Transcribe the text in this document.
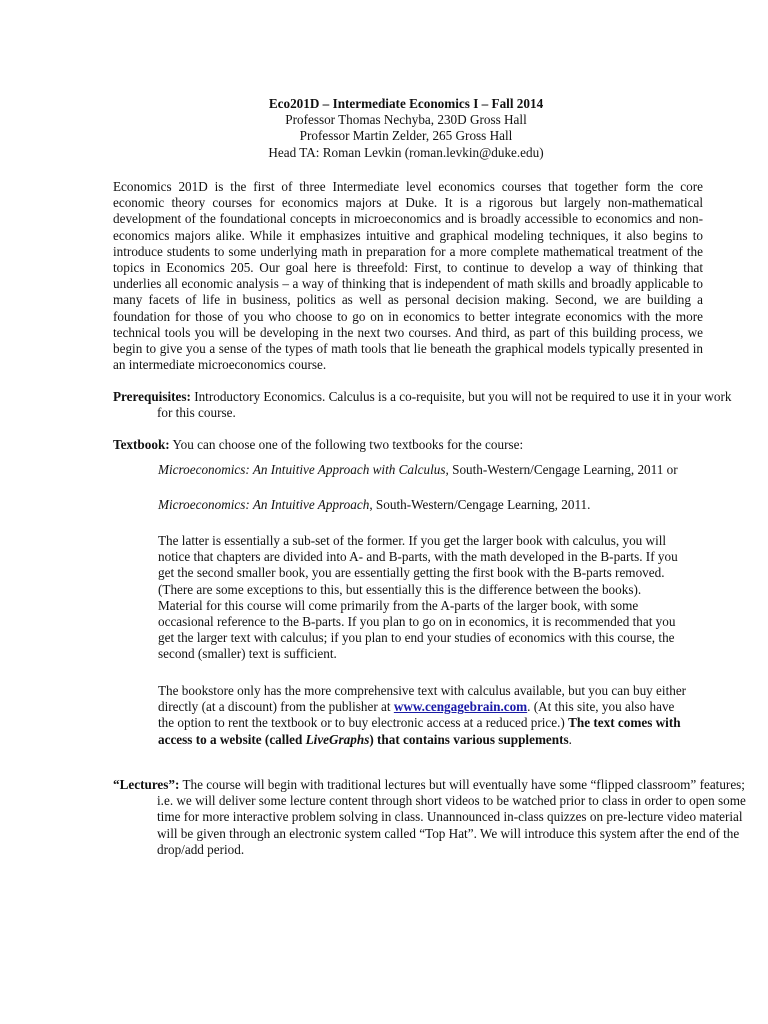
Eco201D – Intermediate Economics I – Fall 2014
Professor Thomas Nechyba, 230D Gross Hall
Professor Martin Zelder, 265 Gross Hall
Head TA: Roman Levkin (roman.levkin@duke.edu)
Economics 201D is the first of three Intermediate level economics courses that together form the core economic theory courses for economics majors at Duke. It is a rigorous but largely non-mathematical development of the foundational concepts in microeconomics and is broadly accessible to economics and non-economics majors alike. While it emphasizes intuitive and graphical modeling techniques, it also begins to introduce students to some underlying math in preparation for a more complete mathematical treatment of the topics in Economics 205. Our goal here is threefold: First, to continue to develop a way of thinking that underlies all economic analysis – a way of thinking that is independent of math skills and broadly applicable to many facets of life in business, politics as well as personal decision making. Second, we are building a foundation for those of you who choose to go on in economics to better integrate economics with the more technical tools you will be developing in the next two courses. And third, as part of this building process, we begin to give you a sense of the types of math tools that lie beneath the graphical models typically presented in an intermediate microeconomics course.
Prerequisites: Introductory Economics. Calculus is a co-requisite, but you will not be required to use it in your work for this course.
Textbook: You can choose one of the following two textbooks for the course:
Microeconomics: An Intuitive Approach with Calculus, South-Western/Cengage Learning, 2011 or
Microeconomics: An Intuitive Approach, South-Western/Cengage Learning, 2011.
The latter is essentially a sub-set of the former. If you get the larger book with calculus, you will notice that chapters are divided into A- and B-parts, with the math developed in the B-parts. If you get the second smaller book, you are essentially getting the first book with the B-parts removed. (There are some exceptions to this, but essentially this is the difference between the books). Material for this course will come primarily from the A-parts of the larger book, with some occasional reference to the B-parts. If you plan to go on in economics, it is recommended that you get the larger text with calculus; if you plan to end your studies of economics with this course, the second (smaller) text is sufficient.
The bookstore only has the more comprehensive text with calculus available, but you can buy either directly (at a discount) from the publisher at www.cengagebrain.com. (At this site, you also have the option to rent the textbook or to buy electronic access at a reduced price.) The text comes with access to a website (called LiveGraphs) that contains various supplements.
“Lectures”: The course will begin with traditional lectures but will eventually have some “flipped classroom” features; i.e. we will deliver some lecture content through short videos to be watched prior to class in order to open some time for more interactive problem solving in class. Unannounced in-class quizzes on pre-lecture video material will be given through an electronic system called “Top Hat”. We will introduce this system after the end of the drop/add period.
